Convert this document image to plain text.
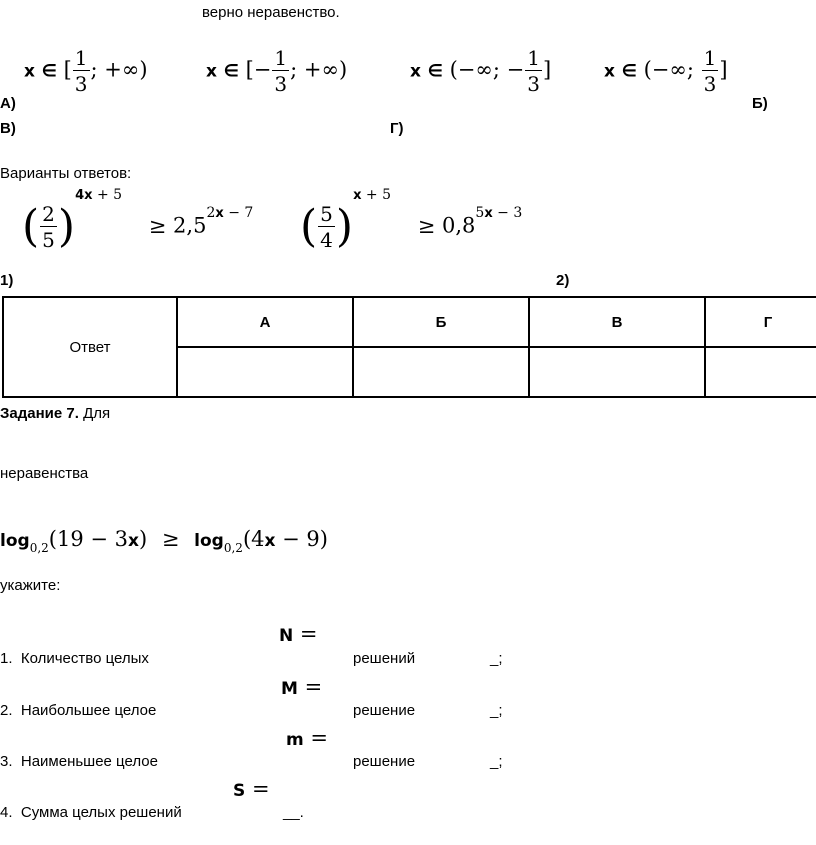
верно неравенство.
x ∈ [ $\frac{1}{3}$ ; +∞)	x ∈ [− $\frac{1}{3}$ ; +∞)	x ∈ (−∞; − $\frac{1}{3}$ ]	x ∈ (−∞; $\frac{1}{3}$ ]
А)	Б)
В)	Г)
Варианты ответов:
( $\frac{2}{5} )^{4x + 5} \ge 2,5^{2x - 7}$ ( $\frac{5}{4} )^{x + 5} \ge 0,8^{5x - 3}$
1)	2)
Ответ	А	Б	В	Г

Задание 7. Для
неравенства
$\log_{0,2}(19 - 3x) \ge \log_{0,2}(4x - 9)$
укажите:
N =
1. Количество целых	решений	_;
M =
2. Наибольшее целое	решение	_;
m =
3. Наименьшее целое	решение	_;
S =
4. Сумма целых решений	__.
